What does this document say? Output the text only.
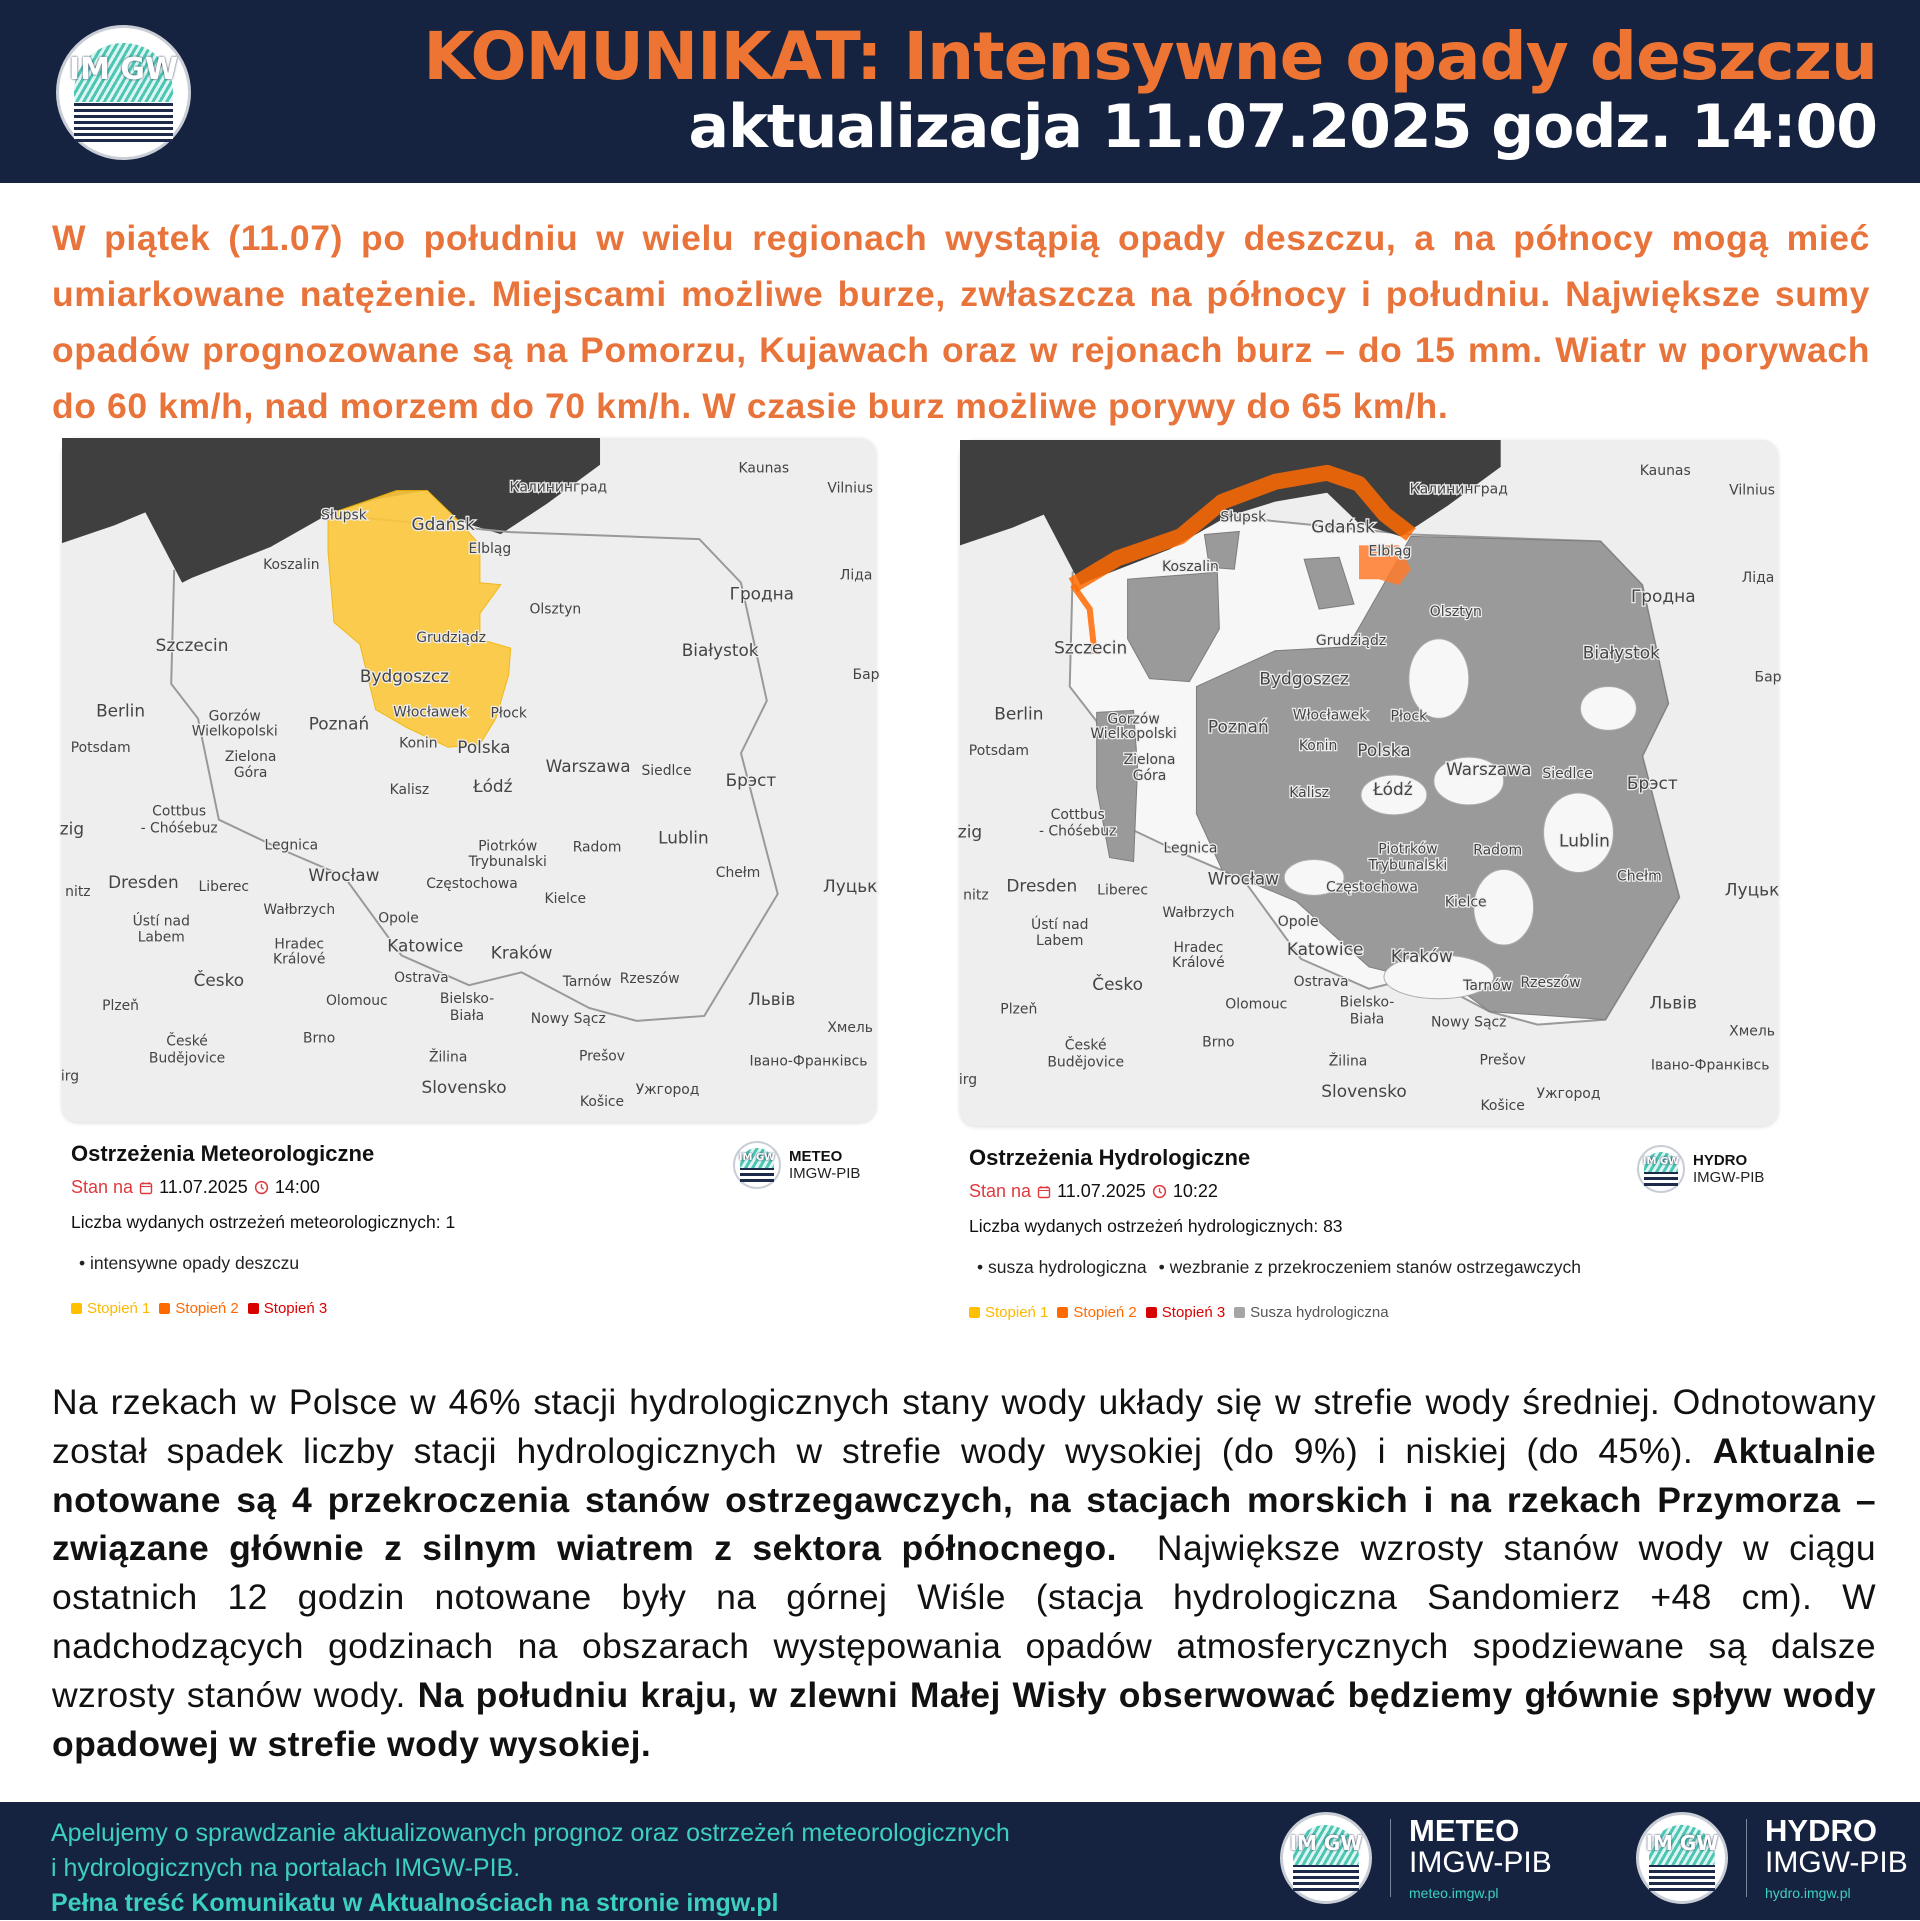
IM GW	KOMUNIKAT: Intensywne opady deszczu
aktualizacja 11.07.2025 godz. 14:00
W piątek (11.07) po południu w wielu regionach wystąpią opady deszczu, a na północy mogą mieć umiarkowane natężenie. Miejscami możliwe burze, zwłaszcza na północy i południu. Największe sumy opadów prognozowane są na Pomorzu, Kujawach oraz w rejonach burz – do 15 mm. Wiatr w porywach do 60 km/h, nad morzem do 70 km/h. W czasie burz możliwe porywy do 65 km/h.
Kaunas
Vilnius
Калининград
Gdańsk
Słupsk
Elbląg
Koszalin
Olsztyn
Гродна
Лiда
Szczecin	Grudziądz
Białystok
Bydgoszcz
Berlin	Gorzów
Wielkopolski Poznań
Włocławek Płock
Konin Polska
Potsdam
Warszawa Siedlce Брэст
Zielona
Góra
Kalisz	Łódź
Cottbus
- Chóśebuz
zig
Piotrków
Trybunalski
Radom Lublin
Legnica
Chełm
Wrocław	Częstochowa
Dresden Liberec	Луцьк
Kielce
Wałbrzych
Opole
Ústí nad
Labem	Hradec
Králové
Katowice Kraków
Česko	Ostrava	Tarnów Rzeszów
Plzeň	Olomouc	Bielsko-
Biała	Nowy Sącz
Львів
Хмель
České
Budějovice
Brno
Žilina	Prešov	Івано-Франківсь
Slovensko	Ужгород
Košice
Бар
irg
nitz
Ostrzeżenia Meteorologiczne
Stan na 11.07.2025 14:00
Liczba wydanych ostrzeżeń meteorologicznych: 1
• intensywne opady deszczu
Stopień 1	Stopień 2	Stopień 3
IM GW METEO
IMGW-PIB
Kaunas
Vilnius
Калининград
Gdańsk
Słupsk
Elbląg
Koszalin
Olsztyn
Гродна
Лiда
Szczecin	Grudziądz
Białystok
Bydgoszcz
Berlin	Gorzów
Wielkopolski Poznań
Włocławek Płock
Konin Polska
Potsdam
Warszawa Siedlce Брэст
Zielona
Góra
Kalisz	Łódź
Cottbus
- Chóśebuz
zig
Piotrków
Trybunalski
Radom Lublin
Legnica
Chełm
Wrocław	Częstochowa
Dresden Liberec	Луцьк
Kielce
Wałbrzych
Opole
Ústí nad
Labem	Hradec
Králové
Katowice Kraków
Česko	Ostrava	Tarnów Rzeszów
Plzeň	Olomouc	Bielsko-
Biała	Nowy Sącz
Львів
Хмель
České
Budějovice
Brno
Žilina	Prešov	Івано-Франківсь
Slovensko	Ужгород
Košice
Бар
irg
nitz
Ostrzeżenia Hydrologiczne
Stan na 11.07.2025 10:22
Liczba wydanych ostrzeżeń hydrologicznych: 83
• susza hydrologiczna • wezbranie z przekroczeniem stanów ostrzegawczych
Stopień 1	Stopień 2	Stopień 3	Susza hydrologiczna
IM GW HYDRO
IMGW-PIB
Na rzekach w Polsce w 46% stacji hydrologicznych stany wody układy się w strefie wody średniej. Odnotowany został spadek liczby stacji hydrologicznych w strefie wody wysokiej (do 9%) i niskiej (do 45%). Aktualnie notowane są 4 przekroczenia stanów ostrzegawczych, na stacjach morskich i na rzekach Przymorza – związane głównie z silnym wiatrem z sektora północnego.  Największe wzrosty stanów wody w ciągu ostatnich 12 godzin notowane były na górnej Wiśle (stacja hydrologiczna Sandomierz +48 cm). W nadchodzących godzinach na obszarach występowania opadów atmosferycznych spodziewane są dalsze wzrosty stanów wody. Na południu kraju, w zlewni Małej Wisły obserwować będziemy głównie spływ wody opadowej w strefie wody wysokiej.
Apelujemy o sprawdzanie aktualizowanych prognoz oraz ostrzeżeń meteorologicznych
i hydrologicznych na portalach IMGW-PIB.
Pełna treść Komunikatu w Aktualnościach na stronie imgw.pl
IM GW METEO
IMGW-PIB
meteo.imgw.pl
IM GW HYDRO
IMGW-PIB
hydro.imgw.pl
